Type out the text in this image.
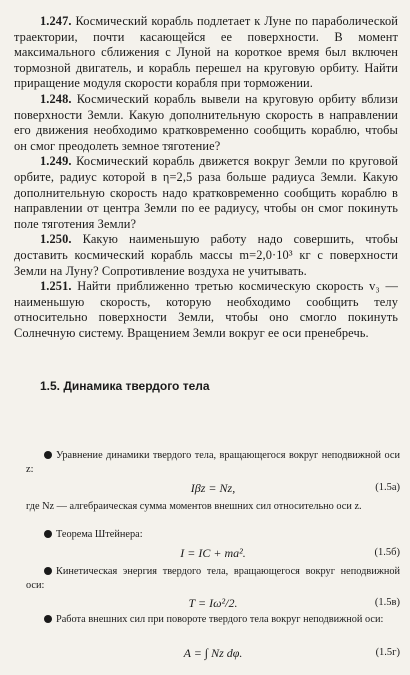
1.247. Космический корабль подлетает к Луне по параболической траектории, почти касающейся ее поверхности. В момент максимального сближения с Луной на короткое время был включен тормозной двигатель, и корабль перешел на круговую орбиту. Найти приращение модуля скорости корабля при торможении.

1.248. Космический корабль вывели на круговую орбиту вблизи поверхности Земли. Какую дополнительную скорость в направлении его движения необходимо кратковременно сообщить кораблю, чтобы он смог преодолеть земное тяготение?

1.249. Космический корабль движется вокруг Земли по круговой орбите, радиус которой в η=2,5 раза больше радиуса Земли. Какую дополнительную скорость надо кратковременно сообщить кораблю в направлении от центра Земли по ее радиусу, чтобы он смог покинуть поле тяготения Земли?

1.250. Какую наименьшую работу надо совершить, чтобы доставить космический корабль массы m=2,0·10³ кг с поверхности Земли на Луну? Сопротивление воздуха не учитывать.

1.251. Найти приближенно третью космическую скорость v₃ — наименьшую скорость, которую необходимо сообщить телу относительно поверхности Земли, чтобы оно смогло покинуть Солнечную систему. Вращением Земли вокруг ее оси пренебречь.

1.5. Динамика твердого тела

Уравнение динамики твердого тела, вращающегося вокруг неподвижной оси z:

Iβz = Nz,	(1.5а)

где Nz — алгебраическая сумма моментов внешних сил относительно оси z.

Теорема Штейнера:

I = IC + ma².	(1.5б)

Кинетическая энергия твердого тела, вращающегося вокруг неподвижной оси:

T = Iω²/2.	(1.5в)

Работа внешних сил при повороте твердого тела вокруг неподвижной оси:

A = ∫ Nz dφ.	(1.5г)
